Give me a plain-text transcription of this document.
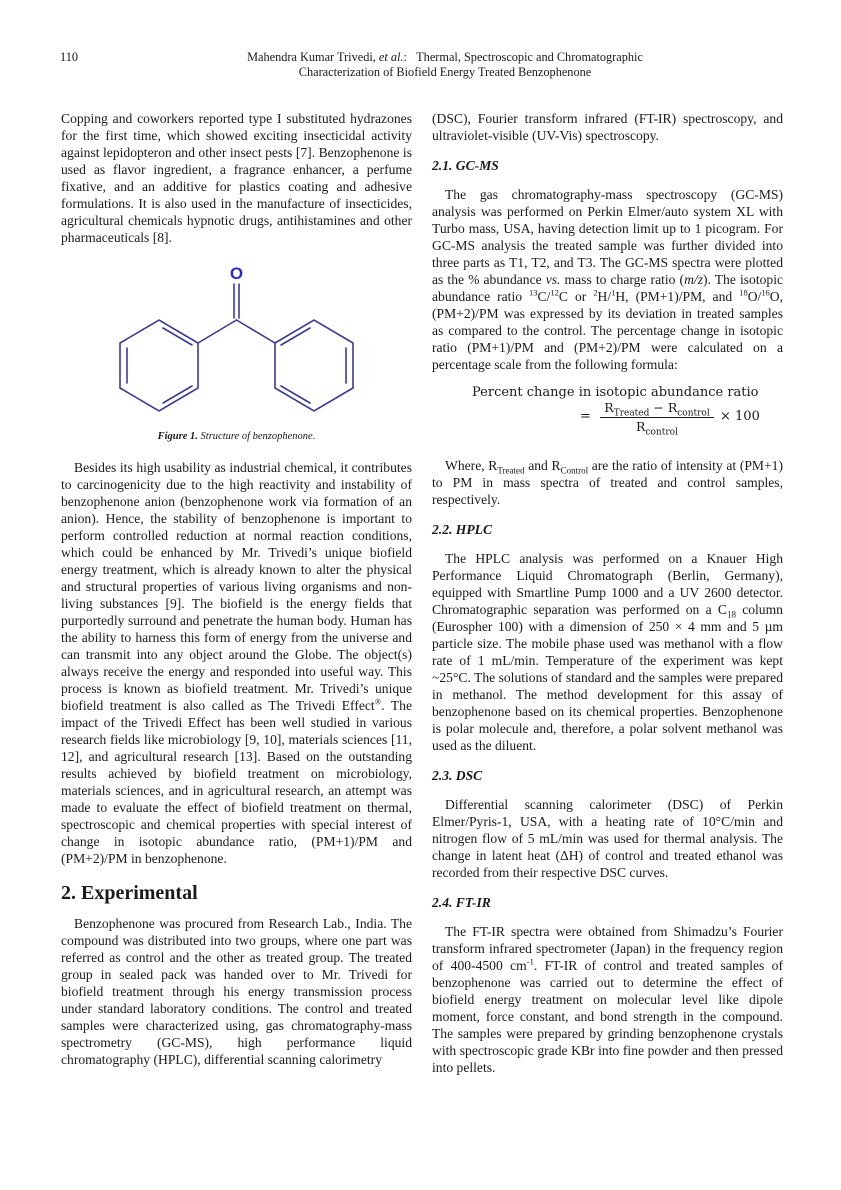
110	Mahendra Kumar Trivedi, et al.: Thermal, Spectroscopic and Chromatographic
Characterization of Biofield Energy Treated Benzophenone

Copping and coworkers reported type I substituted hydrazones for the first time, which showed exciting insecticidal activity against lepidopteron and other insect pests [7]. Benzophenone is used as flavor ingredient, a fragrance enhancer, a perfume fixative, and an additive for plastics coating and adhesive formulations. It is also used in the manufacture of insecticides, agricultural chemicals hypnotic drugs, antihistamines and other pharmaceuticals [8].

O
Figure 1. Structure of benzophenone.

Besides its high usability as industrial chemical, it contributes to carcinogenicity due to the high reactivity and instability of benzophenone anion (benzophenone work via formation of an anion). Hence, the stability of benzophenone is important to perform controlled reduction at normal reaction conditions, which could be enhanced by Mr. Trivedi’s unique biofield energy treatment, which is already known to alter the physical and structural properties of various living organisms and non-living substances [9]. The biofield is the energy fields that purportedly surround and penetrate the human body. Human has the ability to harness this form of energy from the universe and can transmit into any object around the Globe. The object(s) always receive the energy and responded into useful way. This process is known as biofield treatment. Mr. Trivedi’s unique biofield treatment is also called as The Trivedi Effect®. The impact of the Trivedi Effect has been well studied in various research fields like microbiology [9, 10], materials sciences [11, 12], and agricultural research [13]. Based on the outstanding results achieved by biofield treatment on microbiology, materials sciences, and in agricultural research, an attempt was made to evaluate the effect of biofield treatment on thermal, spectroscopic and chemical properties with special interest of change in isotopic abundance ratio, (PM+1)/PM and (PM+2)/PM in benzophenone.

2. Experimental

Benzophenone was procured from Research Lab., India. The compound was distributed into two groups, where one part was referred as control and the other as treated group. The treated group in sealed pack was handed over to Mr. Trivedi for biofield treatment through his energy transmission process under standard laboratory conditions. The control and treated samples were characterized using, gas chromatography-mass spectrometry (GC-MS), high performance liquid chromatography (HPLC), differential scanning calorimetry

(DSC), Fourier transform infrared (FT-IR) spectroscopy, and ultraviolet-visible (UV-Vis) spectroscopy.

2.1. GC-MS

The gas chromatography-mass spectroscopy (GC-MS) analysis was performed on Perkin Elmer/auto system XL with Turbo mass, USA, having detection limit up to 1 picogram. For GC-MS analysis the treated sample was further divided into three parts as T1, T2, and T3. The GC-MS spectra were plotted as the % abundance vs. mass to charge ratio (m/z). The isotopic abundance ratio $^{13}$C/$^{12}$C or $^2$H/$^1$H, (PM+1)/PM, and $^{18}$O/$^{16}$O, (PM+2)/PM was expressed by its deviation in treated samples as compared to the control. The percentage change in isotopic ratio (PM+1)/PM and (PM+2)/PM were calculated on a percentage scale from the following formula:

Percent change in isotopic abundance ratio
=
$R_{Treated} - R_{control}$
$R_{control}$
× 100

Where, $R_{Treated}$ and $R_{Control}$ are the ratio of intensity at (PM+1) to PM in mass spectra of treated and control samples, respectively.

2.2. HPLC

The HPLC analysis was performed on a Knauer High Performance Liquid Chromatograph (Berlin, Germany), equipped with Smartline Pump 1000 and a UV 2600 detector. Chromatographic separation was performed on a $C_{18}$ column (Eurospher 100) with a dimension of 250 × 4 mm and 5 µm particle size. The mobile phase used was methanol with a flow rate of 1 mL/min. Temperature of the experiment was kept ~25°C. The solutions of standard and the samples were prepared in methanol. The method development for this assay of benzophenone based on its chemical properties. Benzophenone is polar molecule and, therefore, a polar solvent methanol was used as the diluent.

2.3. DSC

Differential scanning calorimeter (DSC) of Perkin Elmer/Pyris-1, USA, with a heating rate of 10°C/min and nitrogen flow of 5 mL/min was used for thermal analysis. The change in latent heat (ΔH) of control and treated ethanol was recorded from their respective DSC curves.

2.4. FT-IR

The FT-IR spectra were obtained from Shimadzu’s Fourier transform infrared spectrometer (Japan) in the frequency region of 400-4500 $cm^{-1}$. FT-IR of control and treated samples of benzophenone was carried out to determine the effect of biofield energy treatment on molecular level like dipole moment, force constant, and bond strength in the compound. The samples were prepared by grinding benzophenone crystals with spectroscopic grade KBr into fine powder and then pressed into pellets.
